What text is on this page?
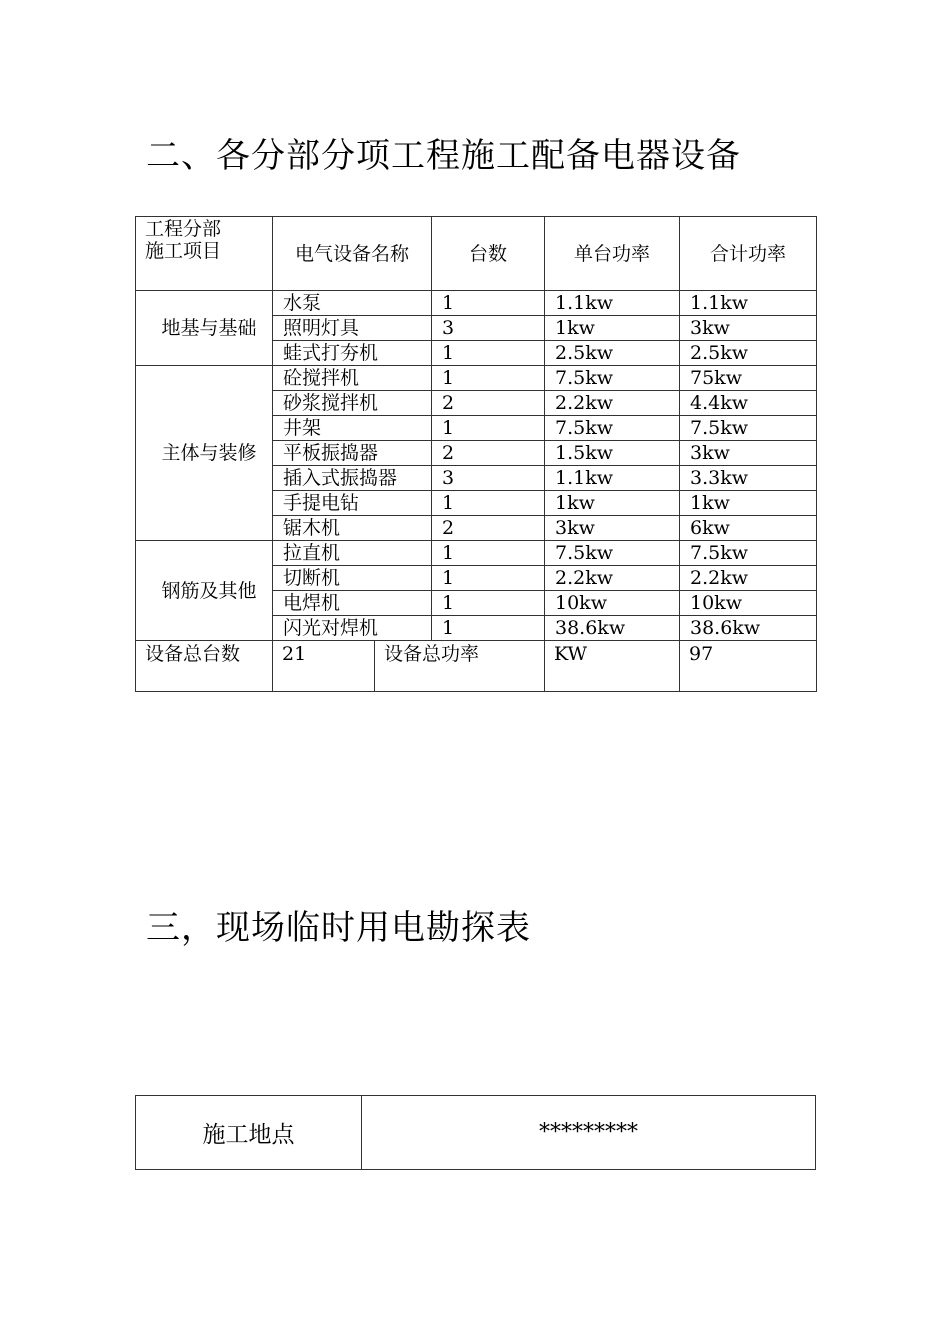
二、各分部分项工程施工配备电器设备
工程分部
施工项目	电气设备名称		台数	单台功率	合计功率
地基与基础	水泵		1	1.1kw	1.1kw
	照明灯具		3	1kw	3kw
	蛙式打夯机		1	2.5kw	2.5kw
主体与装修	砼搅拌机		1	7.5kw	75kw
	砂浆搅拌机		2	2.2kw	4.4kw
	井架		1	7.5kw	7.5kw
	平板振捣器		2	1.5kw	3kw
	插入式振捣器		3	1.1kw	3.3kw
	手提电钻		1	1kw	1kw
	锯木机		2	3kw	6kw
钢筋及其他	拉直机		1	7.5kw	7.5kw
	切断机		1	2.2kw	2.2kw
	电焊机		1	10kw	10kw
	闪光对焊机		1	38.6kw	38.6kw
设备总台数	21	设备总功率		KW	97
三，现场临时用电勘探表
施工地点	*********
